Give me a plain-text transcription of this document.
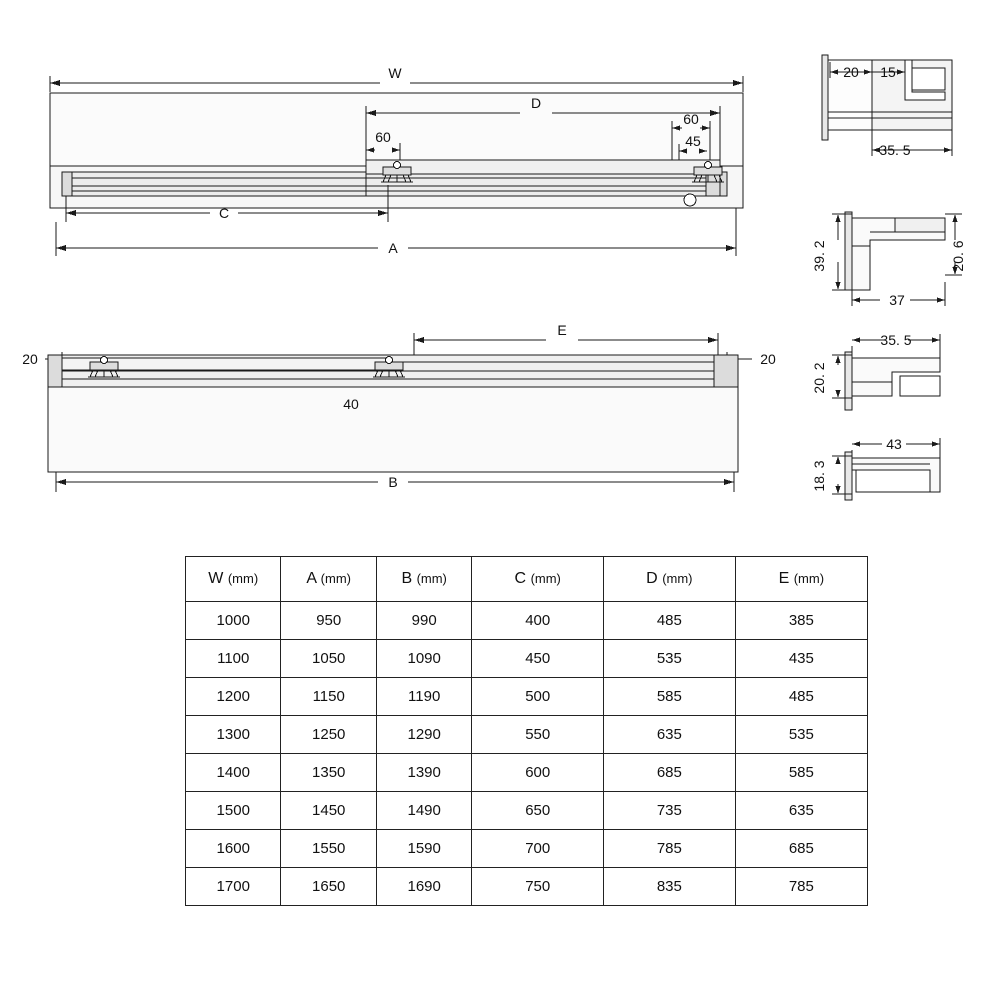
W
D
60
60
45
C
A
E
20	20
40
B
20 15
35. 5
39. 2	20. 6
37
35. 5
20. 2
43
18. 3
W (mm)	A (mm)	B (mm)	C (mm)	D (mm)	E (mm)
1000	950	990	400	485	385
1100	1050	1090	450	535	435
1200	1150	1190	500	585	485
1300	1250	1290	550	635	535
1400	1350	1390	600	685	585
1500	1450	1490	650	735	635
1600	1550	1590	700	785	685
1700	1650	1690	750	835	785
